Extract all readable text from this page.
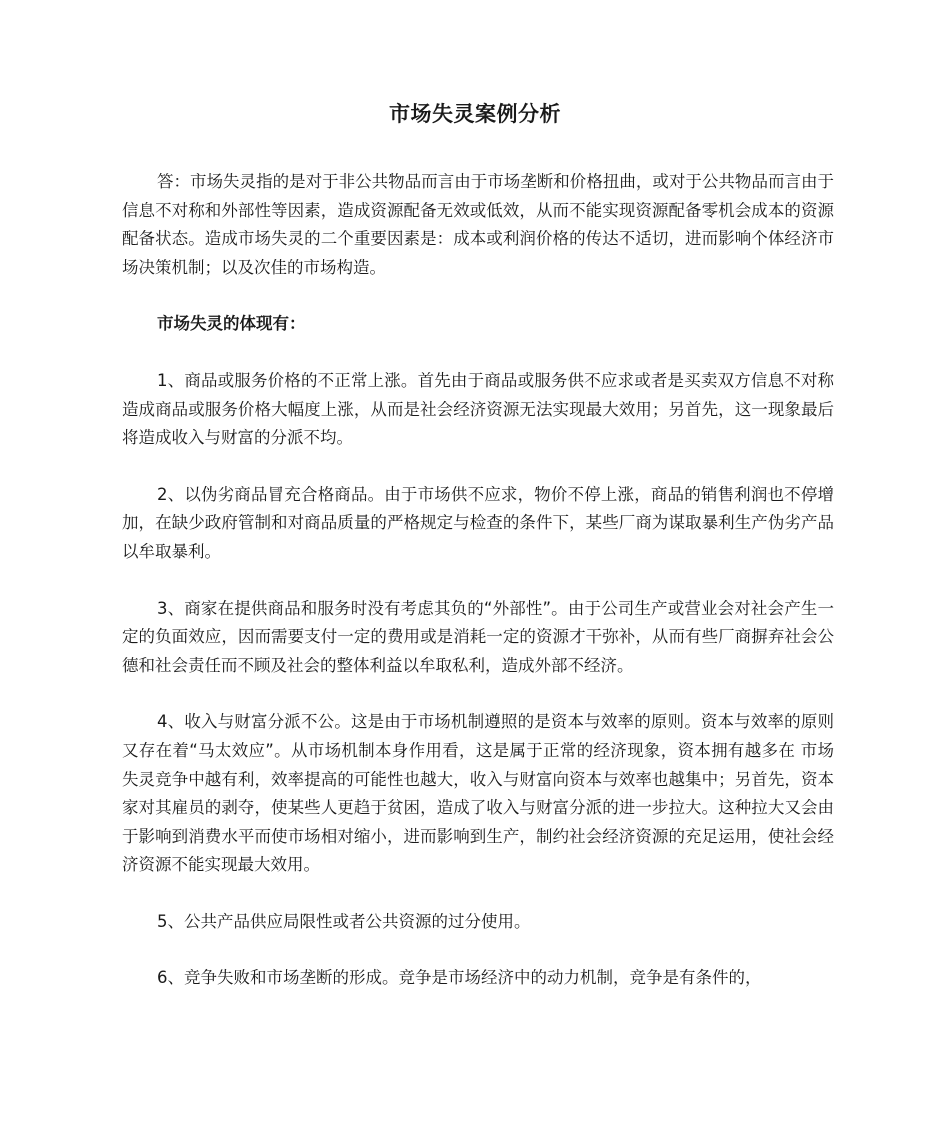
市场失灵案例分析

答：市场失灵指的是对于非公共物品而言由于市场垄断和价格扭曲，或对于公共物品而言由于信息不对称和外部性等因素，造成资源配备无效或低效，从而不能实现资源配备零机会成本的资源配备状态。造成市场失灵的二个重要因素是：成本或利润价格的传达不适切，进而影响个体经济市场决策机制；以及次佳的市场构造。

市场失灵的体现有：

1、商品或服务价格的不正常上涨。首先由于商品或服务供不应求或者是买卖双方信息不对称造成商品或服务价格大幅度上涨，从而是社会经济资源无法实现最大效用；另首先，这一现象最后将造成收入与财富的分派不均。

2、以伪劣商品冒充合格商品。由于市场供不应求，物价不停上涨，商品的销售利润也不停增加，在缺少政府管制和对商品质量的严格规定与检查的条件下，某些厂商为谋取暴利生产伪劣产品以牟取暴利。

3、商家在提供商品和服务时没有考虑其负的“外部性”。由于公司生产或营业会对社会产生一定的负面效应，因而需要支付一定的费用或是消耗一定的资源才干弥补，从而有些厂商摒弃社会公德和社会责任而不顾及社会的整体利益以牟取私利，造成外部不经济。

4、收入与财富分派不公。这是由于市场机制遵照的是资本与效率的原则。资本与效率的原则又存在着“马太效应”。从市场机制本身作用看，这是属于正常的经济现象，资本拥有越多在 市场失灵竞争中越有利，效率提高的可能性也越大，收入与财富向资本与效率也越集中；另首先，资本家对其雇员的剥夺，使某些人更趋于贫困，造成了收入与财富分派的进一步拉大。这种拉大又会由于影响到消费水平而使市场相对缩小，进而影响到生产，制约社会经济资源的充足运用，使社会经济资源不能实现最大效用。

5、公共产品供应局限性或者公共资源的过分使用。

6、竞争失败和市场垄断的形成。竞争是市场经济中的动力机制，竞争是有条件的，
